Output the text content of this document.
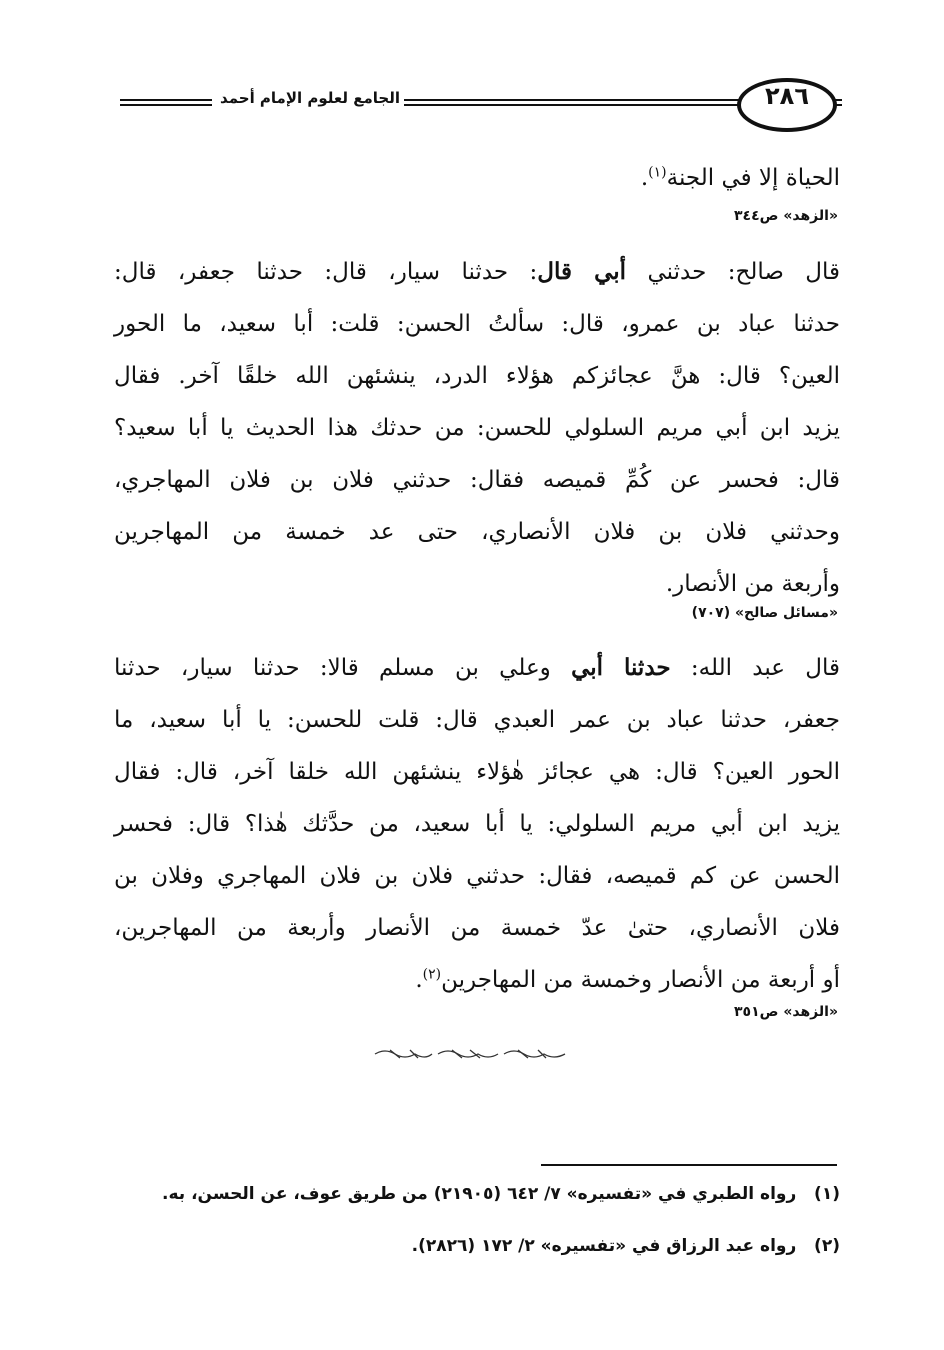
الجامع لعلوم الإمام أحمد	٢٨٦
الحياة إلا في الجنة$^{(١)}$.
«الزهد» ص٣٤٤
قال صالح: حدثني أبي قال: حدثنا سيار، قال: حدثنا جعفر، قال:
حدثنا عباد بن عمرو، قال: سألتُ الحسن: قلت: أبا سعيد، ما الحور
العين؟ قال: هنَّ عجائزكم هؤلاء الدرد، ينشئهن الله خلقًا آخر. فقال
يزيد ابن أبي مريم السلولي للحسن: من حدثك هذا الحديث يا أبا سعيد؟
قال: فحسر عن كُمِّ قميصه فقال: حدثني فلان بن فلان المهاجري،
وحدثني فلان بن فلان الأنصاري، حتى عد خمسة من المهاجرين
وأربعة من الأنصار.
«مسائل صالح» (٧٠٧)
قال عبد الله: حدثنا أبي وعلي بن مسلم قالا: حدثنا سيار، حدثنا
جعفر، حدثنا عباد بن عمر العبدي قال: قلت للحسن: يا أبا سعيد، ما
الحور العين؟ قال: هي عجائز هٰؤلاء ينشئهن الله خلقا آخر، قال: فقال
يزيد ابن أبي مريم السلولي: يا أبا سعيد، من حدَّثك هٰذا؟ قال: فحسر
الحسن عن كم قميصه، فقال: حدثني فلان بن فلان المهاجري وفلان بن
فلان الأنصاري، حتىٰ عدّ خمسة من الأنصار وأربعة من المهاجرين،
أو أربعة من الأنصار وخمسة من المهاجرين$^{(٢)}$.
«الزهد» ص٣٥١
(١)   رواه الطبري في «تفسيره» ٧/ ٦٤٢ (٢١٩٠٥) من طريق عوف، عن الحسن، به.
(٢)   رواه عبد الرزاق في «تفسيره» ٢/ ١٧٢ (٢٨٢٦).
